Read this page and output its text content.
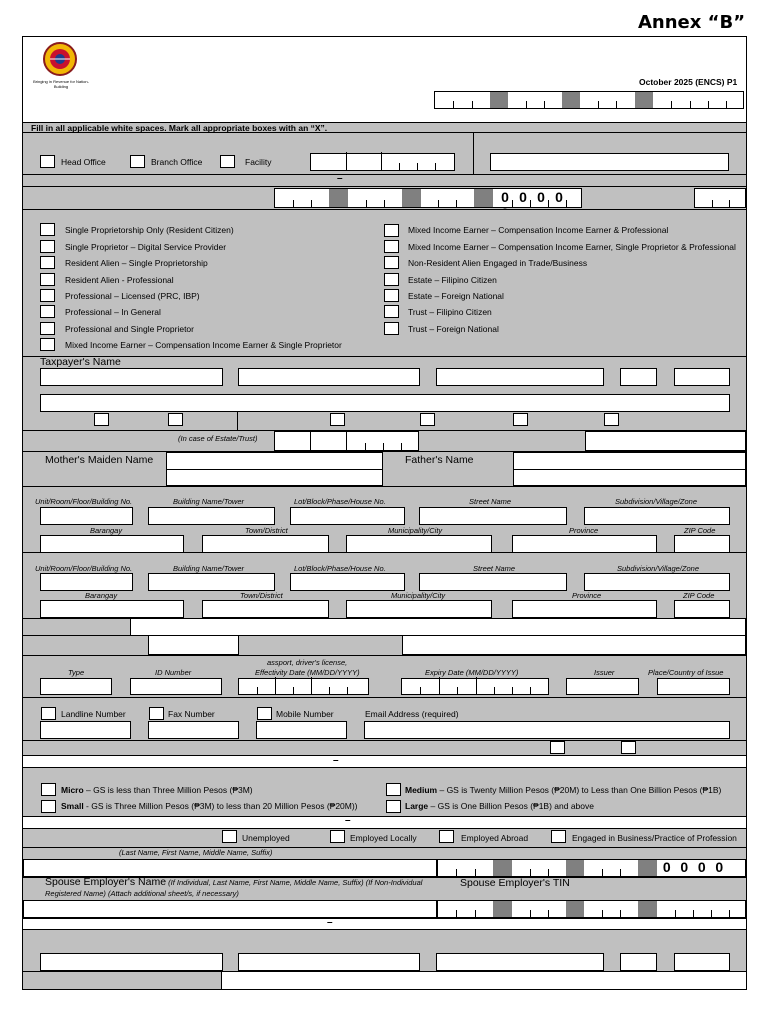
Annex “B”
Bringing in Revenue for Nation-Building	October 2025 (ENCS) P1
Fill in all applicable white spaces. Mark all appropriate boxes with an “X”.
Head Office	Branch Office	Facility
–
0 0 0 0
Single Proprietorship Only (Resident Citizen)
Single Proprietor – Digital Service Provider
Resident Alien – Single Proprietorship
Resident Alien - Professional
Professional – Licensed (PRC, IBP)
Professional – In General
Professional and Single Proprietor
Mixed Income Earner – Compensation Income Earner & Single Proprietor
Mixed Income Earner – Compensation Income Earner & Professional
Mixed Income Earner – Compensation Income Earner, Single Proprietor & Professional
Non-Resident Alien Engaged in Trade/Business
Estate – Filipino Citizen
Estate – Foreign National
Trust – Filipino Citizen
Trust – Foreign National
Taxpayer's Name
(In case of Estate/Trust)
Mother's Maiden Name	Father's Name
Unit/Room/Floor/Building No.	Building Name/Tower	Lot/Block/Phase/House No.	Street Name	Subdivision/Village/Zone
Barangay	Town/District	Municipality/City	Province	ZIP Code
Unit/Room/Floor/Building No.	Building Name/Tower	Lot/Block/Phase/House No.	Street Name	Subdivision/Village/Zone
Barangay	Town/District	Municipality/City	Province	ZIP Code
Type	ID Number
assport, driver's license,
Effectivity Date (MM/DD/YYYY)	Expiry Date (MM/DD/YYYY)	Issuer	Place/Country of Issue
Landline Number	Fax Number	Mobile Number	Email Address (required)
–
Micro – GS is less than Three Million Pesos (₱3M)
Small - GS is Three Million Pesos (₱3M) to less than 20 Million Pesos (₱20M))
Medium – GS is Twenty Million Pesos (₱20M) to Less than One Billion Pesos (₱1B)
Large – GS is One Billion Pesos (₱1B) and above
–
Unemployed	Employed Locally	Employed Abroad	Engaged in Business/Practice of Profession
(Last Name, First Name, Middle Name, Suffix)
0 0 0 0
Spouse Employer's Name (If Individual, Last Name, First Name, Middle Name, Suffix) (If Non-Individual Registered Name) (Attach additional sheet/s, if necessary)
Spouse Employer's TIN
–
